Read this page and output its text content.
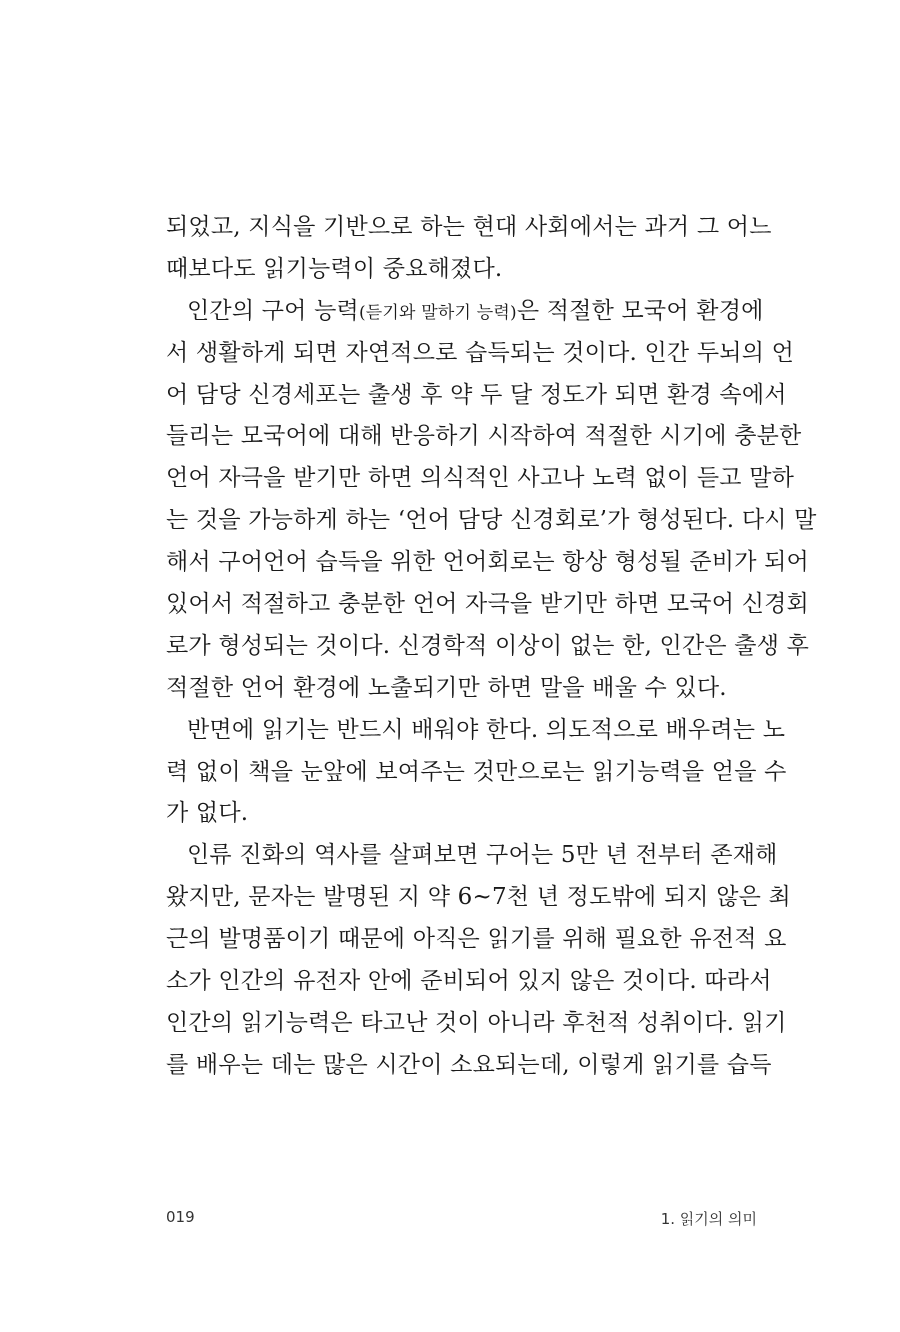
되었고, 지식을 기반으로 하는 현대 사회에서는 과거 그 어느
때보다도 읽기능력이 중요해졌다.
인간의 구어 능력(듣기와 말하기 능력)은 적절한 모국어 환경에
서 생활하게 되면 자연적으로 습득되는 것이다. 인간 두뇌의 언
어 담당 신경세포는 출생 후 약 두 달 정도가 되면 환경 속에서
들리는 모국어에 대해 반응하기 시작하여 적절한 시기에 충분한
언어 자극을 받기만 하면 의식적인 사고나 노력 없이 듣고 말하
는 것을 가능하게 하는 ‘언어 담당 신경회로’가 형성된다. 다시 말
해서 구어언어 습득을 위한 언어회로는 항상 형성될 준비가 되어
있어서 적절하고 충분한 언어 자극을 받기만 하면 모국어 신경회
로가 형성되는 것이다. 신경학적 이상이 없는 한, 인간은 출생 후
적절한 언어 환경에 노출되기만 하면 말을 배울 수 있다.
반면에 읽기는 반드시 배워야 한다. 의도적으로 배우려는 노
력 없이 책을 눈앞에 보여주는 것만으로는 읽기능력을 얻을 수
가 없다.
인류 진화의 역사를 살펴보면 구어는 5만 년 전부터 존재해
왔지만, 문자는 발명된 지 약 6~7천 년 정도밖에 되지 않은 최
근의 발명품이기 때문에 아직은 읽기를 위해 필요한 유전적 요
소가 인간의 유전자 안에 준비되어 있지 않은 것이다. 따라서
인간의 읽기능력은 타고난 것이 아니라 후천적 성취이다. 읽기
를 배우는 데는 많은 시간이 소요되는데, 이렇게 읽기를 습득
019	1. 읽기의 의미
